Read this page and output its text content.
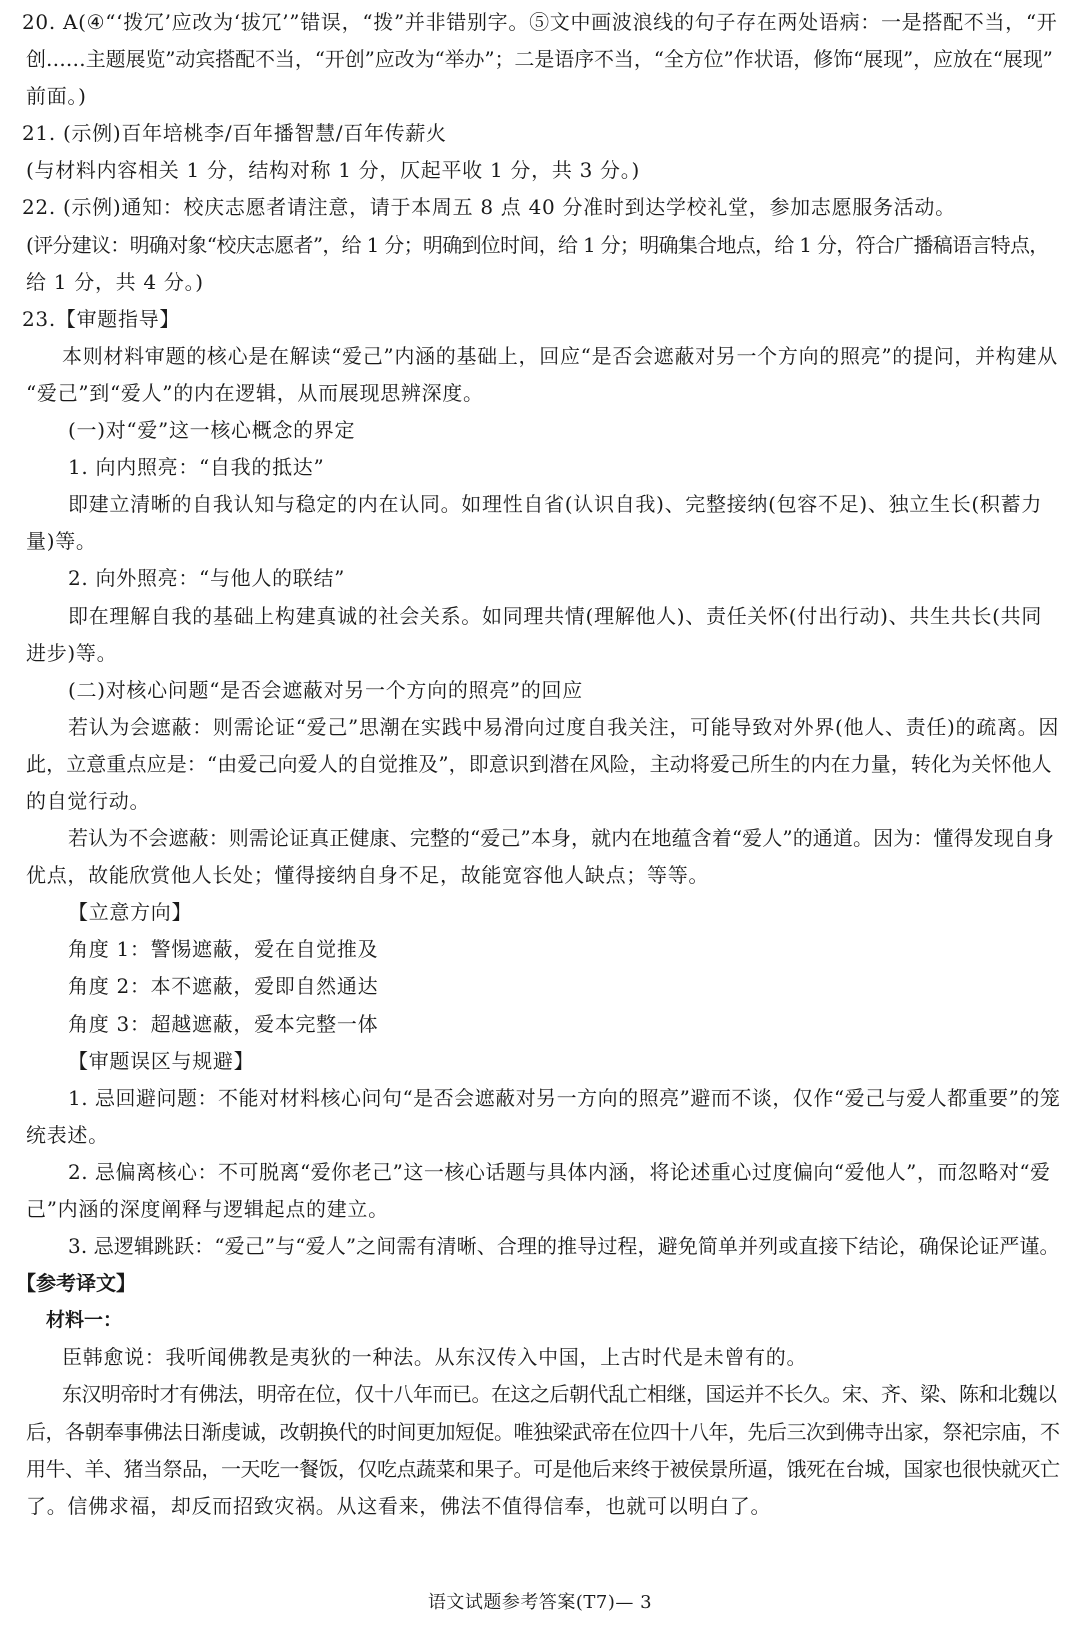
20. A(④“‘拨冗’应改为‘拔冗’”错误，“拨”并非错别字。⑤文中画波浪线的句子存在两处语病：一是搭配不当，“开
创……主题展览”动宾搭配不当，“开创”应改为“举办”；二是语序不当，“全方位”作状语，修饰“展现”，应放在“展现”
前面。)
21. (示例)百年培桃李/百年播智慧/百年传薪火
(与材料内容相关 1 分，结构对称 1 分，仄起平收 1 分，共 3 分。)
22. (示例)通知：校庆志愿者请注意，请于本周五 8 点 40 分准时到达学校礼堂，参加志愿服务活动。
(评分建议：明确对象“校庆志愿者”，给 1 分；明确到位时间，给 1 分；明确集合地点，给 1 分，符合广播稿语言特点，
给 1 分，共 4 分。)
23.【审题指导】
本则材料审题的核心是在解读“爱己”内涵的基础上，回应“是否会遮蔽对另一个方向的照亮”的提问，并构建从
“爱己”到“爱人”的内在逻辑，从而展现思辨深度。
(一)对“爱”这一核心概念的界定
1. 向内照亮：“自我的抵达”
即建立清晰的自我认知与稳定的内在认同。如理性自省(认识自我)、完整接纳(包容不足)、独立生长(积蓄力
量)等。
2. 向外照亮：“与他人的联结”
即在理解自我的基础上构建真诚的社会关系。如同理共情(理解他人)、责任关怀(付出行动)、共生共长(共同
进步)等。
(二)对核心问题“是否会遮蔽对另一个方向的照亮”的回应
若认为会遮蔽：则需论证“爱己”思潮在实践中易滑向过度自我关注，可能导致对外界(他人、责任)的疏离。因
此，立意重点应是：“由爱己向爱人的自觉推及”，即意识到潜在风险，主动将爱己所生的内在力量，转化为关怀他人
的自觉行动。
若认为不会遮蔽：则需论证真正健康、完整的“爱己”本身，就内在地蕴含着“爱人”的通道。因为：懂得发现自身
优点，故能欣赏他人长处；懂得接纳自身不足，故能宽容他人缺点；等等。
【立意方向】
角度 1：警惕遮蔽，爱在自觉推及
角度 2：本不遮蔽，爱即自然通达
角度 3：超越遮蔽，爱本完整一体
【审题误区与规避】
1. 忌回避问题：不能对材料核心问句“是否会遮蔽对另一方向的照亮”避而不谈，仅作“爱己与爱人都重要”的笼
统表述。
2. 忌偏离核心：不可脱离“爱你老己”这一核心话题与具体内涵，将论述重心过度偏向“爱他人”，而忽略对“爱
己”内涵的深度阐释与逻辑起点的建立。
3. 忌逻辑跳跃：“爱己”与“爱人”之间需有清晰、合理的推导过程，避免简单并列或直接下结论，确保论证严谨。
【参考译文】
材料一：
臣韩愈说：我听闻佛教是夷狄的一种法。从东汉传入中国，上古时代是未曾有的。
东汉明帝时才有佛法，明帝在位，仅十八年而已。在这之后朝代乱亡相继，国运并不长久。宋、齐、梁、陈和北魏以
后，各朝奉事佛法日渐虔诚，改朝换代的时间更加短促。唯独梁武帝在位四十八年，先后三次到佛寺出家，祭祀宗庙，不
用牛、羊、猪当祭品，一天吃一餐饭，仅吃点蔬菜和果子。可是他后来终于被侯景所逼，饿死在台城，国家也很快就灭亡
了。信佛求福，却反而招致灾祸。从这看来，佛法不值得信奉，也就可以明白了。
语文试题参考答案(T7)— 3
